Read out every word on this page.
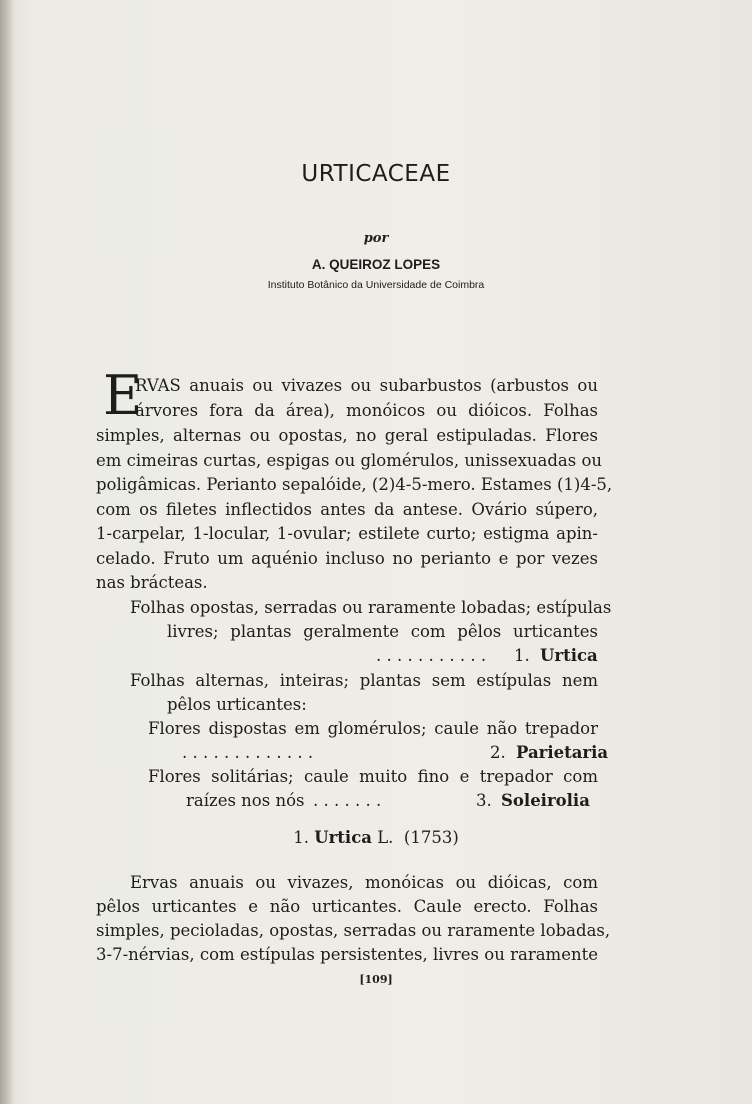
URTICACEAE
por
A. QUEIROZ LOPES
Instituto Botânico da Universidade de Coimbra
E
RVAS anuais ou vivazes ou subarbustos (arbustos ou
árvores fora da área), monóicos ou dióicos. Folhas
simples, alternas ou opostas, no geral estipuladas. Flores
em cimeiras curtas, espigas ou glomérulos, unissexuadas ou
poligâmicas. Perianto sepalóide, (2)4-5-mero. Estames (1)4-5,
com os filetes inflectidos antes da antese. Ovário súpero,
1-carpelar, 1-locular, 1-ovular; estilete curto; estigma apin-
celado. Fruto um aquénio incluso no perianto e por vezes
nas brácteas.
Folhas opostas, serradas ou raramente lobadas; estípulas
livres; plantas geralmente com pêlos urticantes
. . . . . . . . . . . 1. Urtica
Folhas alternas, inteiras; plantas sem estípulas nem
pêlos urticantes:
Flores dispostas em glomérulos; caule não trepador
. . . . . . . . . . . . .	2. Parietaria
Flores solitárias; caule muito fino e trepador com
raízes nos nós . . . . . . .	3. Soleirolia
1. Urtica L. (1753)
Ervas anuais ou vivazes, monóicas ou dióicas, com
pêlos urticantes e não urticantes. Caule erecto. Folhas
simples, pecioladas, opostas, serradas ou raramente lobadas,
3-7-nérvias, com estípulas persistentes, livres ou raramente
[109]
